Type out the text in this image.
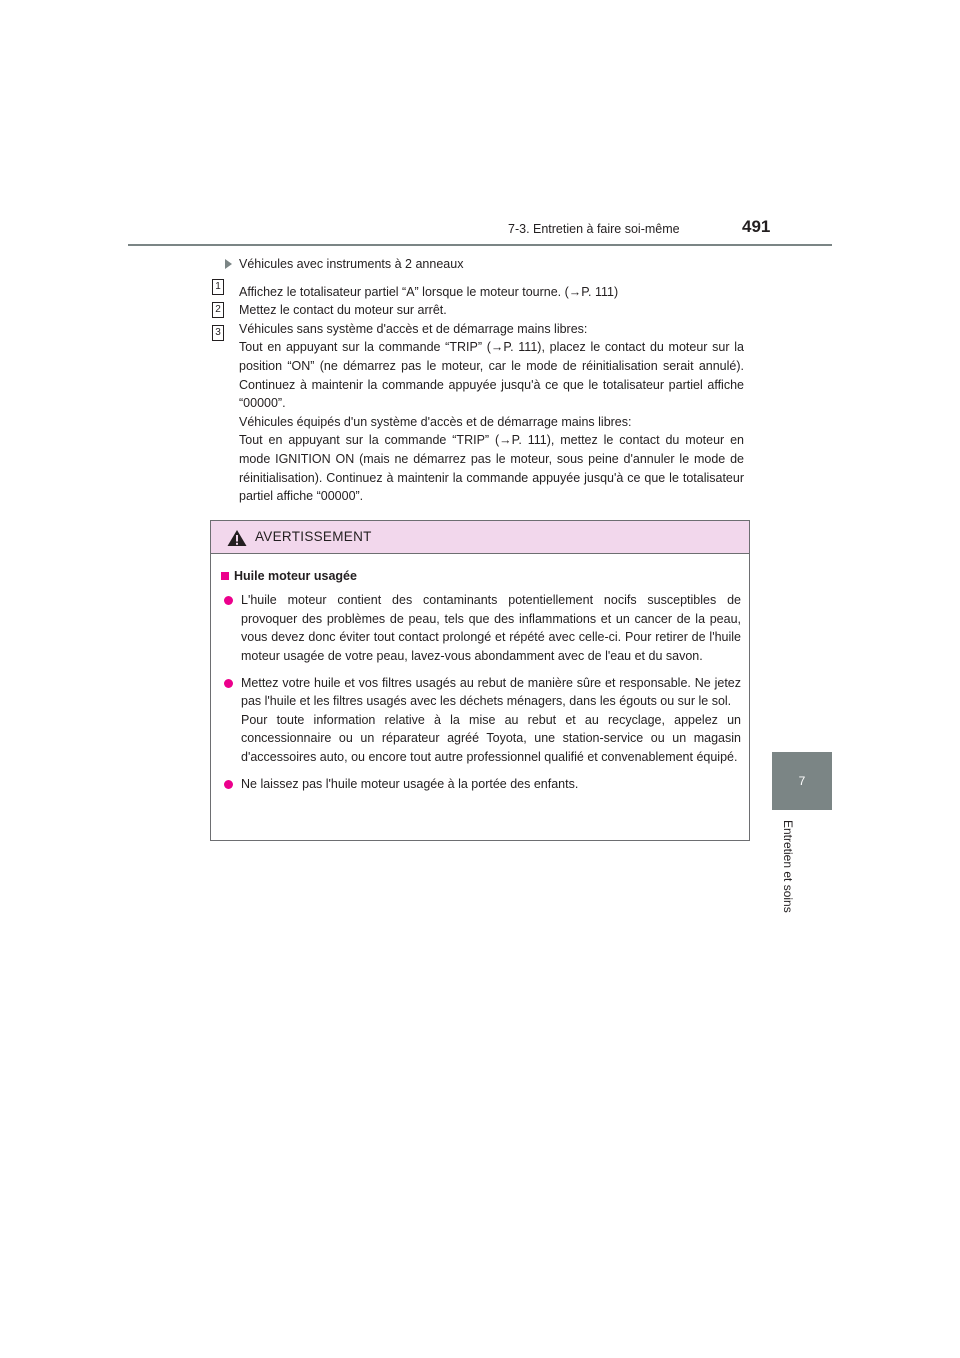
7-3. Entretien à faire soi-même	491
7
Entretien et soins
1
2
3

Véhicules avec instruments à 2 anneaux

Affichez le totalisateur partiel “A” lorsque le moteur tourne. (→P. 111)

Mettez le contact du moteur sur arrêt.

Véhicules sans système d'accès et de démarrage mains libres:

Tout en appuyant sur la commande “TRIP” (→P. 111), placez le contact du moteur sur la position “ON” (ne démarrez pas le moteur, car le mode de réinitialisation serait annulé). Continuez à maintenir la commande appuyée jusqu'à ce que le totalisateur partiel affiche “00000”.

Véhicules équipés d'un système d'accès et de démarrage mains libres:

Tout en appuyant sur la commande “TRIP” (→P. 111), mettez le contact du moteur en mode IGNITION ON (mais ne démarrez pas le moteur, sous peine d'annuler le mode de réinitialisation). Continuez à maintenir la commande appuyée jusqu'à ce que le totalisateur partiel affiche “00000”.

AVERTISSEMENT
Huile moteur usagée

L'huile moteur contient des contaminants potentiellement nocifs susceptibles de provoquer des problèmes de peau, tels que des inflammations et un cancer de la peau, vous devez donc éviter tout contact prolongé et répété avec celle-ci. Pour retirer de l'huile moteur usagée de votre peau, lavez-vous abondamment avec de l'eau et du savon.

Mettez votre huile et vos filtres usagés au rebut de manière sûre et responsable. Ne jetez pas l'huile et les filtres usagés avec les déchets ménagers, dans les égouts ou sur le sol.

Pour toute information relative à la mise au rebut et au recyclage, appelez un concessionnaire ou un réparateur agréé Toyota, une station-service ou un magasin d'accessoires auto, ou encore tout autre professionnel qualifié et convenablement équipé.

Ne laissez pas l'huile moteur usagée à la portée des enfants.
